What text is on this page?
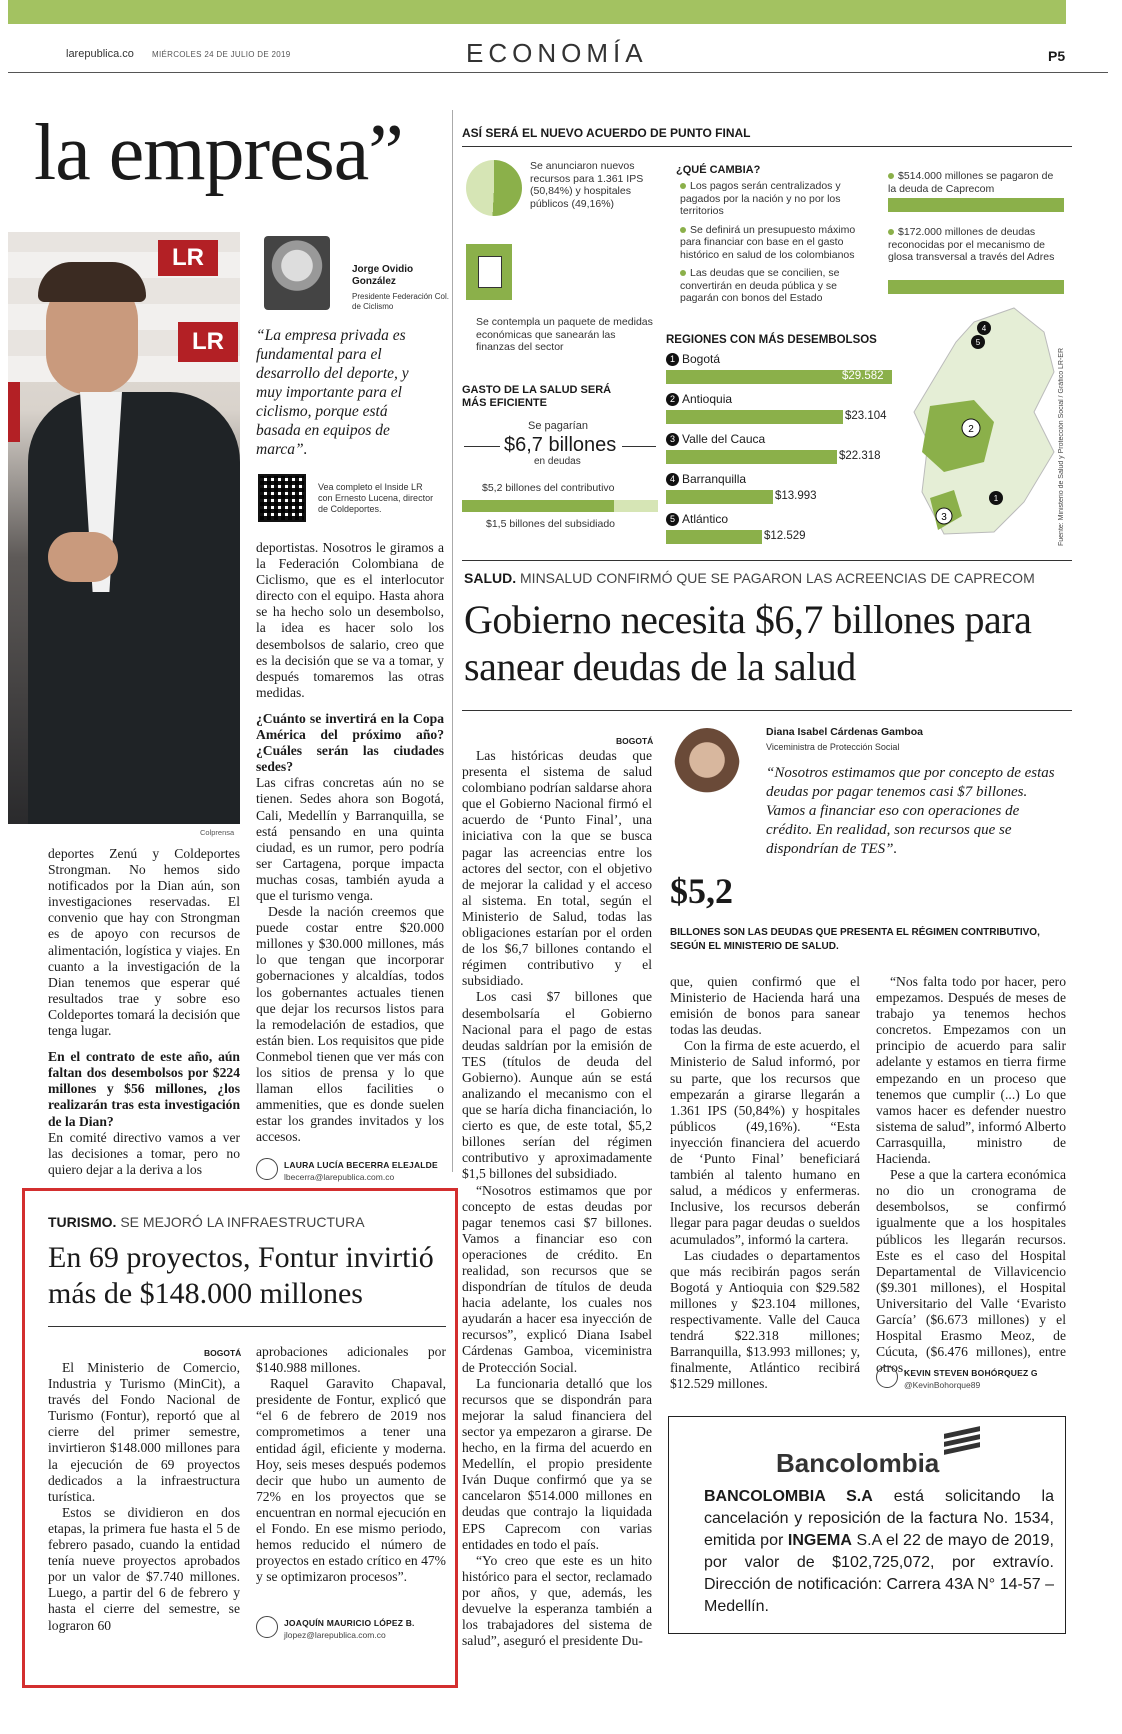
larepublica.co MIÉRCOLES 24 DE JULIO DE 2019	ECONOMÍA	P5
la empresa”
LR
LR
Colprensa
Jorge Ovidio González
Presidente Federación Col. de Ciclismo
“La empresa privada es fundamental para el desarrollo del deporte, y muy importante para el ciclismo, porque está basada en equipos de marca”.
Vea completo el Inside LR con Ernesto Lucena, director de Coldeportes.

deportes Zenú y Coldeportes Strongman. No hemos sido notificados por la Dian aún, son investigaciones reservadas. El convenio que hay con Strongman es de apoyo con recursos de alimentación, logística y viajes. En cuanto a la investigación de la Dian tenemos que esperar qué resultados trae y sobre eso Coldeportes tomará la decisión que tenga lugar.

En el contrato de este año, aún faltan dos desembolsos por $224 millones y $56 millones, ¿los realizarán tras esta investigación de la Dian?

En comité directivo vamos a ver las decisiones a tomar, pero no quiero dejar a la deriva a los

deportistas. Nosotros le giramos a la Federación Colombiana de Ciclismo, que es el interlocutor directo con el equipo. Hasta ahora se ha hecho solo un desembolso, la idea es hacer solo los desembolsos de salario, creo que es la decisión que se va a tomar, y después tomaremos las otras medidas.

¿Cuánto se invertirá en la Copa América del próximo año? ¿Cuáles serán las ciudades sedes?

Las cifras concretas aún no se tienen. Sedes ahora son Bogotá, Cali, Medellín y Barranquilla, se está pensando en una quinta ciudad, es un rumor, pero podría ser Cartagena, porque impacta muchas cosas, también ayuda a que el turismo venga.

Desde la nación creemos que puede costar entre $20.000 millones y $30.000 millones, más lo que tengan que incorporar gobernaciones y alcaldías, todos los gobernantes actuales tienen que dejar los recursos listos para la remodelación de estadios, que están bien. Los requisitos que pide Conmebol tienen que ver más con los sitios de prensa y lo que llaman ellos facilities o ammenities, que es donde suelen estar los grandes invitados y los accesos.

LAURA LUCÍA BECERRA ELEJALDE
lbecerra@larepublica.com.co
ASÍ SERÁ EL NUEVO ACUERDO DE PUNTO FINAL
Se anunciaron nuevos recursos para 1.361 IPS (50,84%) y hospitales públicos (49,16%)
Se contempla un paquete de medidas económicas que sanearán las finanzas del sector
¿QUÉ CAMBIA?
Los pagos serán centralizados y pagados por la nación y no por los territorios
Se definirá un presupuesto máximo para financiar con base en el gasto histórico en salud de los colombianos
Las deudas que se concilien, se convertirán en deuda pública y se pagarán con bonos del Estado
$514.000 millones se pagaron de la deuda de Caprecom
$172.000 millones de deudas reconocidas por el mecanismo de glosa transversal a través del Adres
GASTO DE LA SALUD SERÁ MÁS EFICIENTE
Se pagarían
$6,7 billones
en deudas
$5,2 billones del contributivo
$1,5 billones del subsidiado
REGIONES CON MÁS DESEMBOLSOS
1 Bogotá
$29.582
2 Antioquia
$23.104
3 Valle del Cauca
$22.318
4 Barranquilla
$13.993
5 Atlántico
$12.529
2
3
1
4
5
Fuente: Ministerio de Salud y Protección Social / Gráfico LR-ER
SALUD. MINSALUD CONFIRMÓ QUE SE PAGARON LAS ACREENCIAS DE CAPRECOM
Gobierno necesita $6,7 billones para sanear deudas de la salud
BOGOTÁ
Diana Isabel Cárdenas Gamboa
Viceministra de Protección Social
“Nosotros estimamos que por concepto de estas deudas por pagar tenemos casi $7 billones. Vamos a financiar eso con operaciones de crédito. En realidad, son recursos que se dispondrían de TES”.
$5,2
BILLONES SON LAS DEUDAS QUE PRESENTA EL RÉGIMEN CONTRIBUTIVO, SEGÚN EL MINISTERIO DE SALUD.

Las históricas deudas que presenta el sistema de salud colombiano podrían saldarse ahora que el Gobierno Nacional firmó el acuerdo de ‘Punto Final’, una iniciativa con la que se busca pagar las acreencias entre los actores del sector, con el objetivo de mejorar la calidad y el acceso al sistema. En total, según el Ministerio de Salud, todas las obligaciones estarían por el orden de los $6,7 billones contando el régimen contributivo y el subsidiado.

Los casi $7 billones que desembolsaría el Gobierno Nacional para el pago de estas deudas saldrían por la emisión de TES (títulos de deuda del Gobierno). Aunque aún se está analizando el mecanismo con el que se haría dicha financiación, lo cierto es que, de este total, $5,2 billones serían del régimen contributivo y aproximadamente $1,5 billones del subsidiado.

“Nosotros estimamos que por concepto de estas deudas por pagar tenemos casi $7 billones. Vamos a financiar eso con operaciones de crédito. En realidad, son recursos que se dispondrían de títulos de deuda hacia adelante, los cuales nos ayudarán a hacer esa inyección de recursos”, explicó Diana Isabel Cárdenas Gamboa, viceministra de Protección Social.

La funcionaria detalló que los recursos que se dispondrán para mejorar la salud financiera del sector ya empezaron a girarse. De hecho, en la firma del acuerdo en Medellín, el propio presidente Iván Duque confirmó que ya se cancelaron $514.000 millones en deudas que contrajo la liquidada EPS Caprecom con varias entidades en todo el país.

“Yo creo que este es un hito histórico para el sector, reclamado por años, y que, además, les devuelve la esperanza también a los trabajadores del sistema de salud”, aseguró el presidente Du-

que, quien confirmó que el Ministerio de Hacienda hará una emisión de bonos para sanear todas las deudas.

Con la firma de este acuerdo, el Ministerio de Salud informó, por su parte, que los recursos que empezarán a girarse llegarán a 1.361 IPS (50,84%) y hospitales públicos (49,16%). “Esta inyección financiera del acuerdo de ‘Punto Final’ beneficiará también al talento humano en salud, a médicos y enfermeras. Inclusive, los recursos deberán llegar para pagar deudas o sueldos acumulados”, informó la cartera.

Las ciudades o departamentos que más recibirán pagos serán Bogotá y Antioquia con $29.582 millones y $23.104 millones, respectivamente. Valle del Cauca tendrá $22.318 millones; Barranquilla, $13.993 millones; y, finalmente, Atlántico recibirá $12.529 millones.

“Nos falta todo por hacer, pero empezamos. Después de meses de trabajo ya tenemos hechos concretos. Empezamos con un principio de acuerdo para salir adelante y estamos en tierra firme empezando en un proceso que tenemos que cumplir (...) Lo que vamos hacer es defender nuestro sistema de salud”, informó Alberto Carrasquilla, ministro de Hacienda.

Pese a que la cartera económica no dio un cronograma de desembolsos, se confirmó igualmente que a los hospitales públicos les llegarán recursos. Este es el caso del Hospital Departamental de Villavicencio ($9.301 millones), el Hospital Universitario del Valle ‘Evaristo García’ ($6.673 millones) y el Hospital Erasmo Meoz, de Cúcuta, ($6.476 millones), entre otros.

KEVIN STEVEN BOHÓRQUEZ G
@KevinBohorque89
TURISMO. SE MEJORÓ LA INFRAESTRUCTURA
En 69 proyectos, Fontur invirtió más de $148.000 millones
BOGOTÁ

El Ministerio de Comercio, Industria y Turismo (MinCit), a través del Fondo Nacional de Turismo (Fontur), reportó que al cierre del primer semestre, invirtieron $148.000 millones para la ejecución de 69 proyectos dedicados a la infraestructura turística.

Estos se dividieron en dos etapas, la primera fue hasta el 5 de febrero pasado, cuando la entidad tenía nueve proyectos aprobados por un valor de $7.740 millones. Luego, a partir del 6 de febrero y hasta el cierre del semestre, se lograron 60

aprobaciones adicionales por $140.988 millones.

Raquel Garavito Chapaval, presidente de Fontur, explicó que “el 6 de febrero de 2019 nos comprometimos a tener una entidad ágil, eficiente y moderna. Hoy, seis meses después podemos decir que hubo un aumento de 72% en los proyectos que se encuentran en normal ejecución en el Fondo. En ese mismo periodo, hemos reducido el número de proyectos en estado crítico en 47% y se optimizaron procesos”.

JOAQUÍN MAURICIO LÓPEZ B.
jlopez@larepublica.com.co
Bancolombia
BANCOLOMBIA S.A está solicitando la cancelación y reposición de la factura No. 1534, emitida por INGEMA S.A el 22 de mayo de 2019, por valor de $102,725,072, por extravío. Dirección de notificación: Carrera 43A N° 14-57 – Medellín.
